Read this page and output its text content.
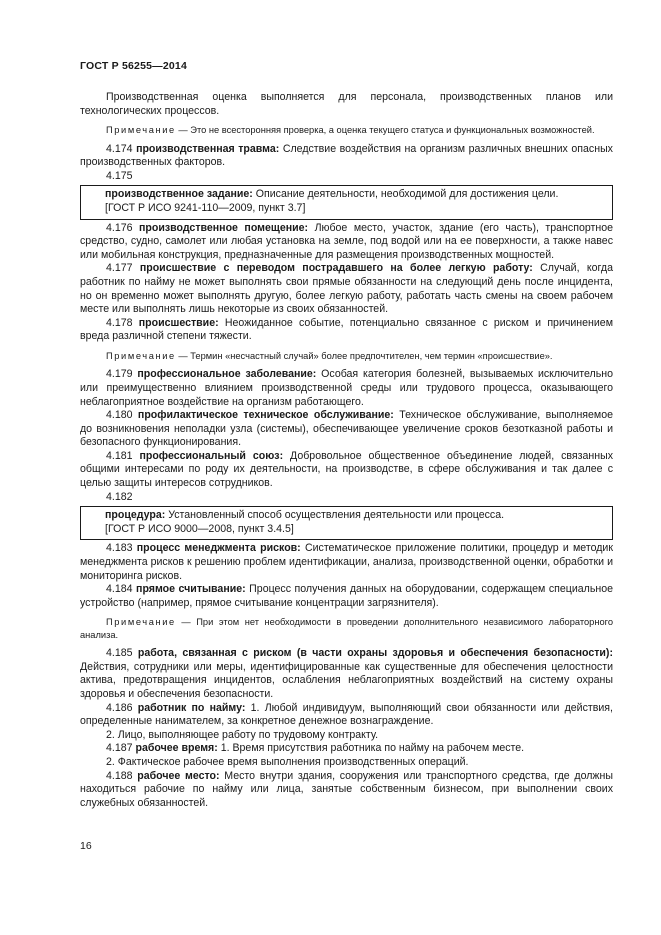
ГОСТ Р 56255—2014

Производственная оценка выполняется для персонала, производственных планов или технологических процессов.

Примечание — Это не всесторонняя проверка, а оценка текущего статуса и функциональных возможностей.

4.174 производственная травма: Следствие воздействия на организм различных внешних опасных производственных факторов.

4.175

производственное задание: Описание деятельности, необходимой для достижения цели.

[ГОСТ Р ИСО 9241-110—2009, пункт 3.7]

4.176 производственное помещение: Любое место, участок, здание (его часть), транспортное средство, судно, самолет или любая установка на земле, под водой или на ее поверхности, а также навес или мобильная конструкция, предназначенные для размещения производственных мощностей.

4.177 происшествие с переводом пострадавшего на более легкую работу: Случай, когда работник по найму не может выполнять свои прямые обязанности на следующий день после инцидента, но он временно может выполнять другую, более легкую работу, работать часть смены на своем рабочем месте или выполнять лишь некоторые из своих обязанностей.

4.178 происшествие: Неожиданное событие, потенциально связанное с риском и причинением вреда различной степени тяжести.

Примечание — Термин «несчастный случай» более предпочтителен, чем термин «происшествие».

4.179 профессиональное заболевание: Особая категория болезней, вызываемых исключительно или преимущественно влиянием производственной среды или трудового процесса, оказывающего неблагоприятное воздействие на организм работающего.

4.180 профилактическое техническое обслуживание: Техническое обслуживание, выполняемое до возникновения неполадки узла (системы), обеспечивающее увеличение сроков безотказной работы и безопасного функционирования.

4.181 профессиональный союз: Добровольное общественное объединение людей, связанных общими интересами по роду их деятельности, на производстве, в сфере обслуживания и так далее с целью защиты интересов сотрудников.

4.182

процедура: Установленный способ осуществления деятельности или процесса.

[ГОСТ Р ИСО 9000—2008, пункт 3.4.5]

4.183 процесс менеджмента рисков: Систематическое приложение политики, процедур и методик менеджмента рисков к решению проблем идентификации, анализа, производственной оценки, обработки и мониторинга рисков.

4.184 прямое считывание: Процесс получения данных на оборудовании, содержащем специальное устройство (например, прямое считывание концентрации загрязнителя).

Примечание — При этом нет необходимости в проведении дополнительного независимого лабораторного анализа.

4.185 работа, связанная с риском (в части охраны здоровья и обеспечения безопасности): Действия, сотрудники или меры, идентифицированные как существенные для обеспечения целостности актива, предотвращения инцидентов, ослабления неблагоприятных воздействий на систему охраны здоровья и обеспечения безопасности.

4.186 работник по найму: 1. Любой индивидуум, выполняющий свои обязанности или действия, определенные нанимателем, за конкретное денежное вознаграждение.

2. Лицо, выполняющее работу по трудовому контракту.

4.187 рабочее время: 1. Время присутствия работника по найму на рабочем месте.

2. Фактическое рабочее время выполнения производственных операций.

4.188 рабочее место: Место внутри здания, сооружения или транспортного средства, где должны находиться рабочие по найму или лица, занятые собственным бизнесом, при выполнении своих служебных обязанностей.

16
